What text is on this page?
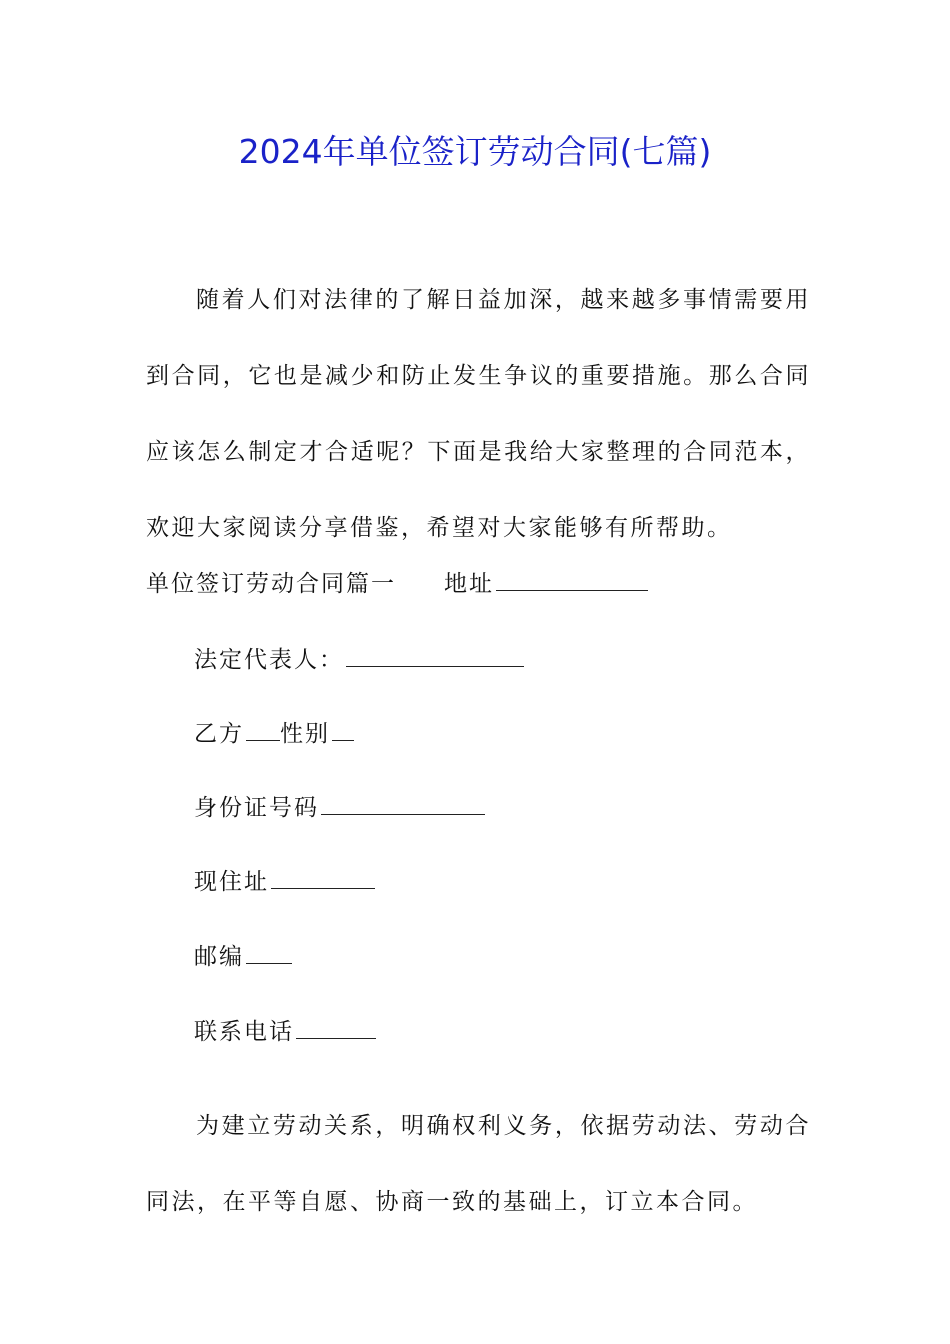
2024年单位签订劳动合同(七篇)

随着人们对法律的了解日益加深，越来越多事情需要用到合同，它也是减少和防止发生争议的重要措施。那么合同应该怎么制定才合适呢？下面是我给大家整理的合同范本，欢迎大家阅读分享借鉴，希望对大家能够有所帮助。

单位签订劳动合同篇一 地址
法定代表人：
乙方 性别
身份证号码
现住址
邮编
联系电话

为建立劳动关系，明确权利义务，依据劳动法、劳动合同法，在平等自愿、协商一致的基础上，订立本合同。
